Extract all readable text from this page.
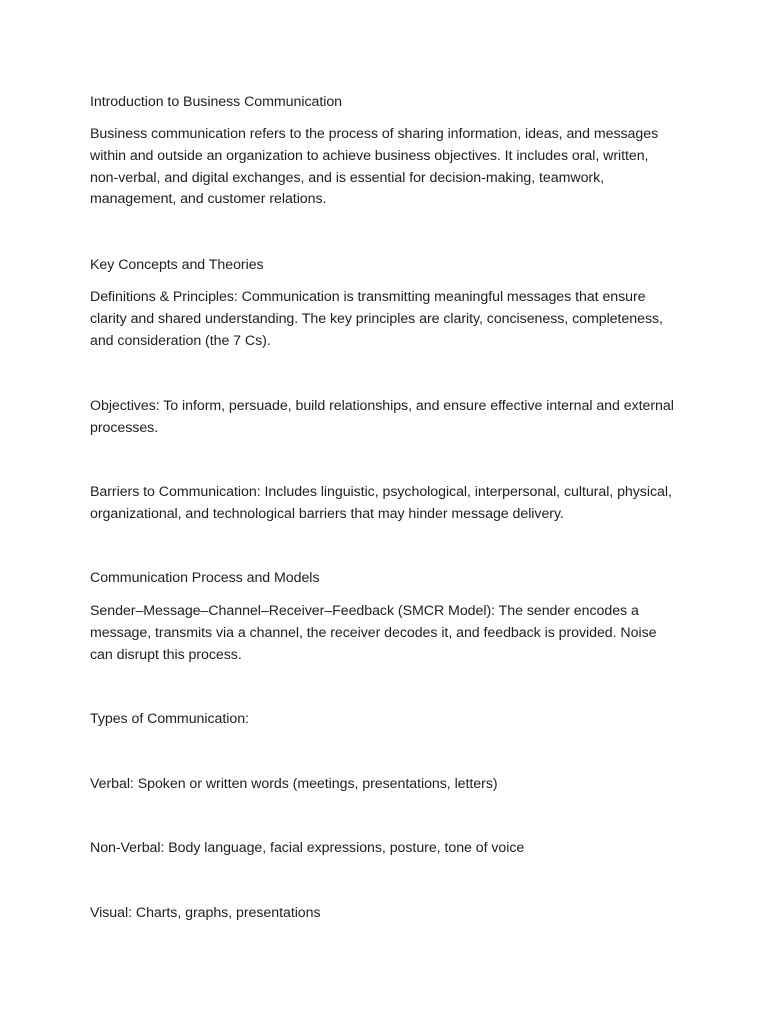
Introduction to Business Communication

Business communication refers to the process of sharing information, ideas, and messages within and outside an organization to achieve business objectives. It includes oral, written, non-verbal, and digital exchanges, and is essential for decision-making, teamwork, management, and customer relations.

Key Concepts and Theories

Definitions & Principles: Communication is transmitting meaningful messages that ensure clarity and shared understanding. The key principles are clarity, conciseness, completeness, and consideration (the 7 Cs).

Objectives: To inform, persuade, build relationships, and ensure effective internal and external processes.

Barriers to Communication: Includes linguistic, psychological, interpersonal, cultural, physical, organizational, and technological barriers that may hinder message delivery.

Communication Process and Models

Sender–Message–Channel–Receiver–Feedback (SMCR Model): The sender encodes a message, transmits via a channel, the receiver decodes it, and feedback is provided. Noise can disrupt this process.

Types of Communication:

Verbal: Spoken or written words (meetings, presentations, letters)

Non-Verbal: Body language, facial expressions, posture, tone of voice

Visual: Charts, graphs, presentations
